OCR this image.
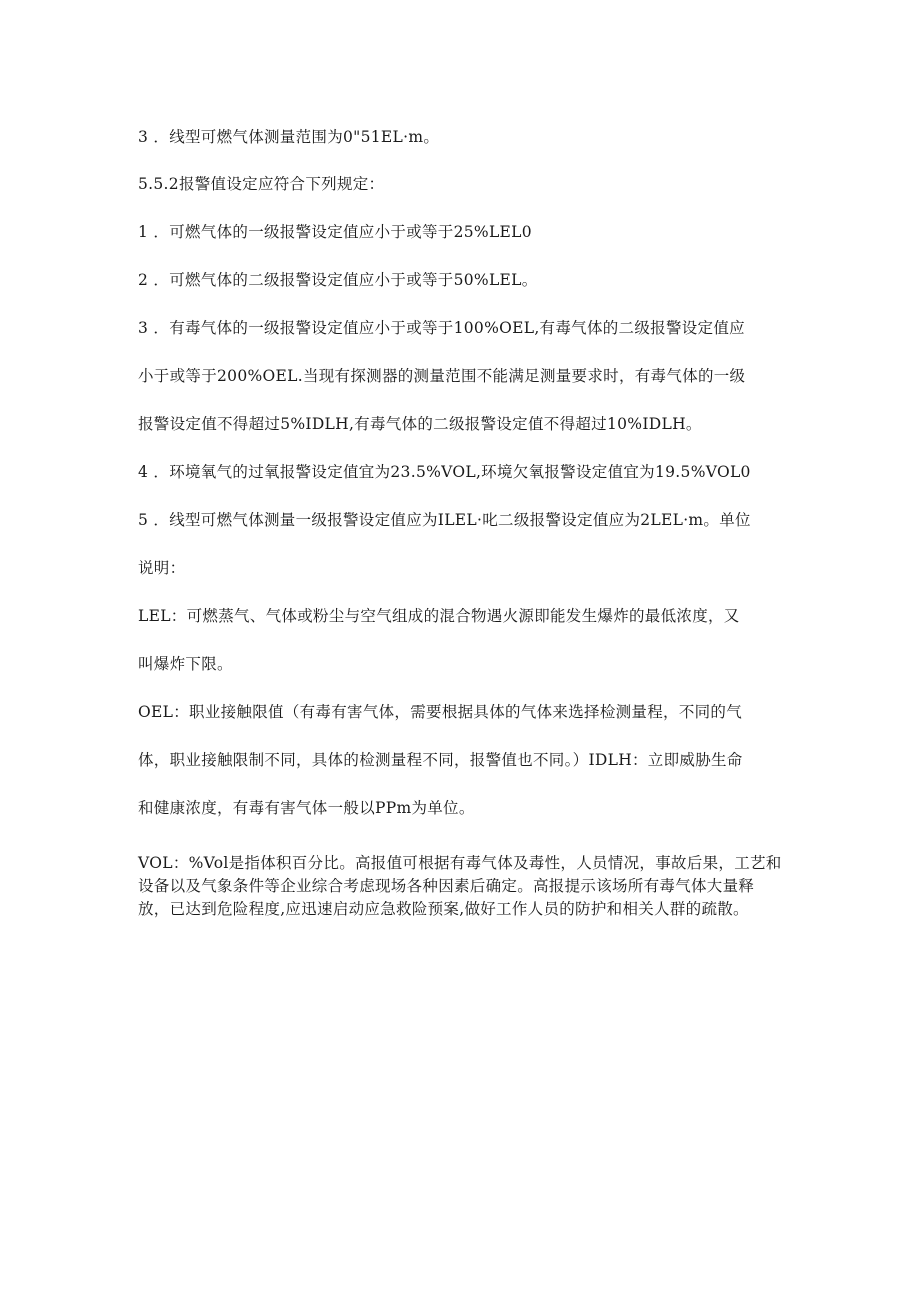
3 ．线型可燃气体测量范围为0"51EL·m。
5.5.2报警值设定应符合下列规定：
1 ．可燃气体的一级报警设定值应小于或等于25%LEL0
2 ．可燃气体的二级报警设定值应小于或等于50%LEL。
3 ．有毒气体的一级报警设定值应小于或等于100%OEL,有毒气体的二级报警设定值应
小于或等于200%OEL.当现有探测器的测量范围不能满足测量要求时，有毒气体的一级
报警设定值不得超过5%IDLH,有毒气体的二级报警设定值不得超过10%IDLH。
4 ．环境氧气的过氧报警设定值宜为23.5%VOL,环境欠氧报警设定值宜为19.5%VOL0
5 ．线型可燃气体测量一级报警设定值应为ILEL·叱二级报警设定值应为2LEL·m。单位
说明：
LEL：可燃蒸气、气体或粉尘与空气组成的混合物遇火源即能发生爆炸的最低浓度，又
叫爆炸下限。
OEL：职业接触限值（有毒有害气体，需要根据具体的气体来选择检测量程，不同的气
体，职业接触限制不同，具体的检测量程不同，报警值也不同。）IDLH：立即威胁生命
和健康浓度，有毒有害气体一般以PPm为单位。
VOL：%Vol是指体积百分比。高报值可根据有毒气体及毒性，人员情况，事故后果，工艺和设备以及气象条件等企业综合考虑现场各种因素后确定。高报提示该场所有毒气体大量释放，已达到危险程度,应迅速启动应急救险预案,做好工作人员的防护和相关人群的疏散。
